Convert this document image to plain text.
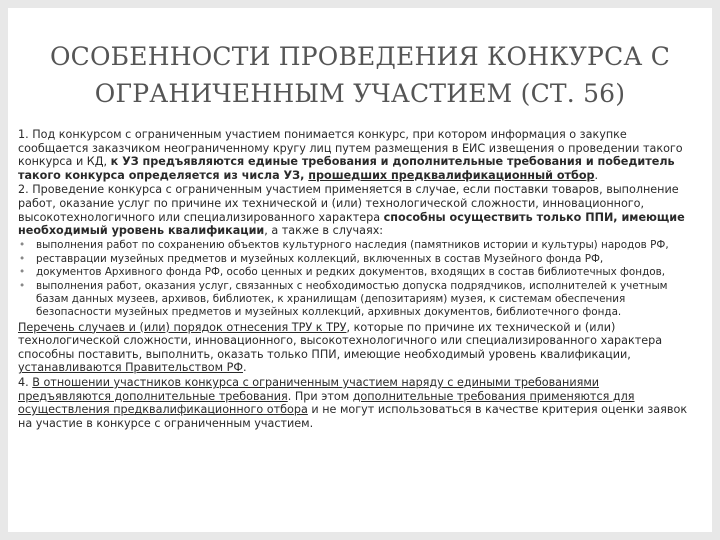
ОСОБЕННОСТИ ПРОВЕДЕНИЯ КОНКУРСА С
ОГРАНИЧЕННЫМ УЧАСТИЕМ (СТ. 56)

1. Под конкурсом с ограниченным участием понимается конкурс, при котором информация о закупке сообщается заказчиком неограниченному кругу лиц путем размещения в ЕИС извещения о проведении такого конкурса и КД, к УЗ предъявляются единые требования и дополнительные требования и победитель такого конкурса определяется из числа УЗ, прошедших предквалификационный отбор.

2. Проведение конкурса с ограниченным участием применяется в случае, если поставки товаров, выполнение работ, оказание услуг по причине их технической и (или) технологической сложности, инновационного, высокотехнологичного или специализированного характера способны осуществить только ППИ, имеющие необходимый уровень квалификации, а также в случаях:

• выполнения работ по сохранению объектов культурного наследия (памятников истории и культуры) народов РФ,
• реставрации музейных предметов и музейных коллекций, включенных в состав Музейного фонда РФ,
• документов Архивного фонда РФ, особо ценных и редких документов, входящих в состав библиотечных фондов,
• выполнения работ, оказания услуг, связанных с необходимостью допуска подрядчиков, исполнителей к учетным базам данных музеев, архивов, библиотек, к хранилищам (депозитариям) музея, к системам обеспечения безопасности музейных предметов и музейных коллекций, архивных документов, библиотечного фонда.

Перечень случаев и (или) порядок отнесения ТРУ к ТРУ, которые по причине их технической и (или) технологической сложности, инновационного, высокотехнологичного или специализированного характера способны поставить, выполнить, оказать только ППИ, имеющие необходимый уровень квалификации, устанавливаются Правительством РФ.

4. В отношении участников конкурса с ограниченным участием наряду с едиными требованиями предъявляются дополнительные требования. При этом дополнительные требования применяются для осуществления предквалификационного отбора и не могут использоваться в качестве критерия оценки заявок на участие в конкурсе с ограниченным участием.
